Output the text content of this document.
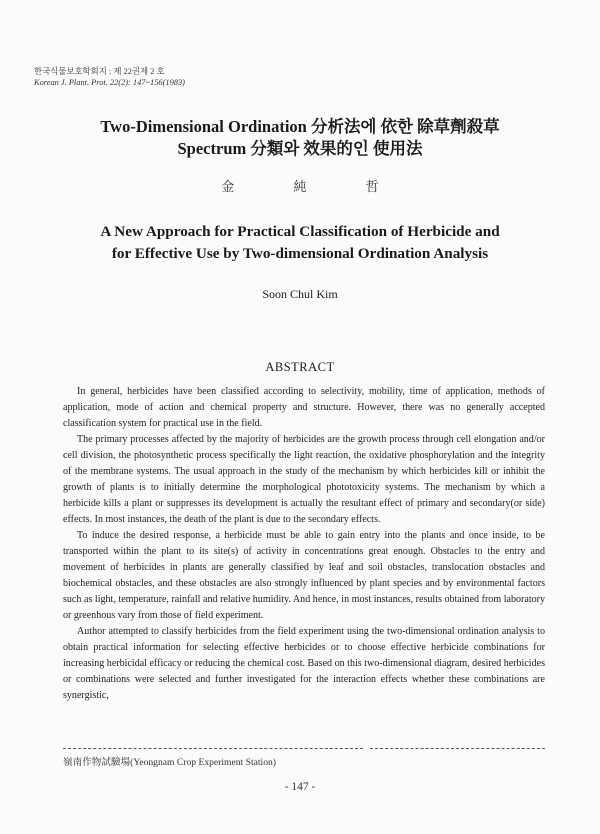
한국식물보호학회지 : 제 22권제 2 호
Korean J. Plant. Prot. 22(2): 147~156(1983)
Two-Dimensional Ordination 分析法에 依한 除草劑殺草
Spectrum 分類와 效果的인 使用法
金 純 哲
A New Approach for Practical Classification of Herbicide and
for Effective Use by Two-dimensional Ordination Analysis
Soon Chul Kim
ABSTRACT

In general, herbicides have been classified according to selectivity, mobility, time of application, methods of application, mode of action and chemical property and structure. However, there was no generally accepted classification system for practical use in the field.

The primary processes affected by the majority of herbicides are the growth process through cell elongation and/or cell division, the photosynthetic process specifically the light reaction, the oxidative phosphorylation and the integrity of the membrane systems. The usual approach in the study of the mechanism by which herbicides kill or inhibit the growth of plants is to initially determine the morphological phototoxicity systems. The mechanism by which a herbicide kills a plant or suppresses its development is actually the resultant effect of primary and secondary(or side) effects. In most instances, the death of the plant is due to the secondary effects.

To induce the desired response, a herbicide must be able to gain entry into the plants and once inside, to be transported within the plant to its site(s) of activity in concentrations great enough. Obstacles to the entry and movement of herbicides in plants are generally classified by leaf and soil obstacles, translocation obstacles and biochemical obstacles, and these obstacles are also strongly influenced by plant species and by environmental factors such as light, temperature, rainfall and relative humidity. And hence, in most instances, results obtained from laboratory or greenhous vary from those of field experiment.

Author attempted to classify herbicides from the field experiment using the two-dimensional ordination analysis to obtain practical information for selecting effective herbicides or to choose effective herbicide combinations for increasing herbicidal efficacy or reducing the chemical cost. Based on this two-dimensional diagram, desired herbicides or combinations were selected and further investigated for the interaction effects whether these combinations are synergistic,

嶺南作物試驗場(Yeongnam Crop Experiment Station)
- 147 -
